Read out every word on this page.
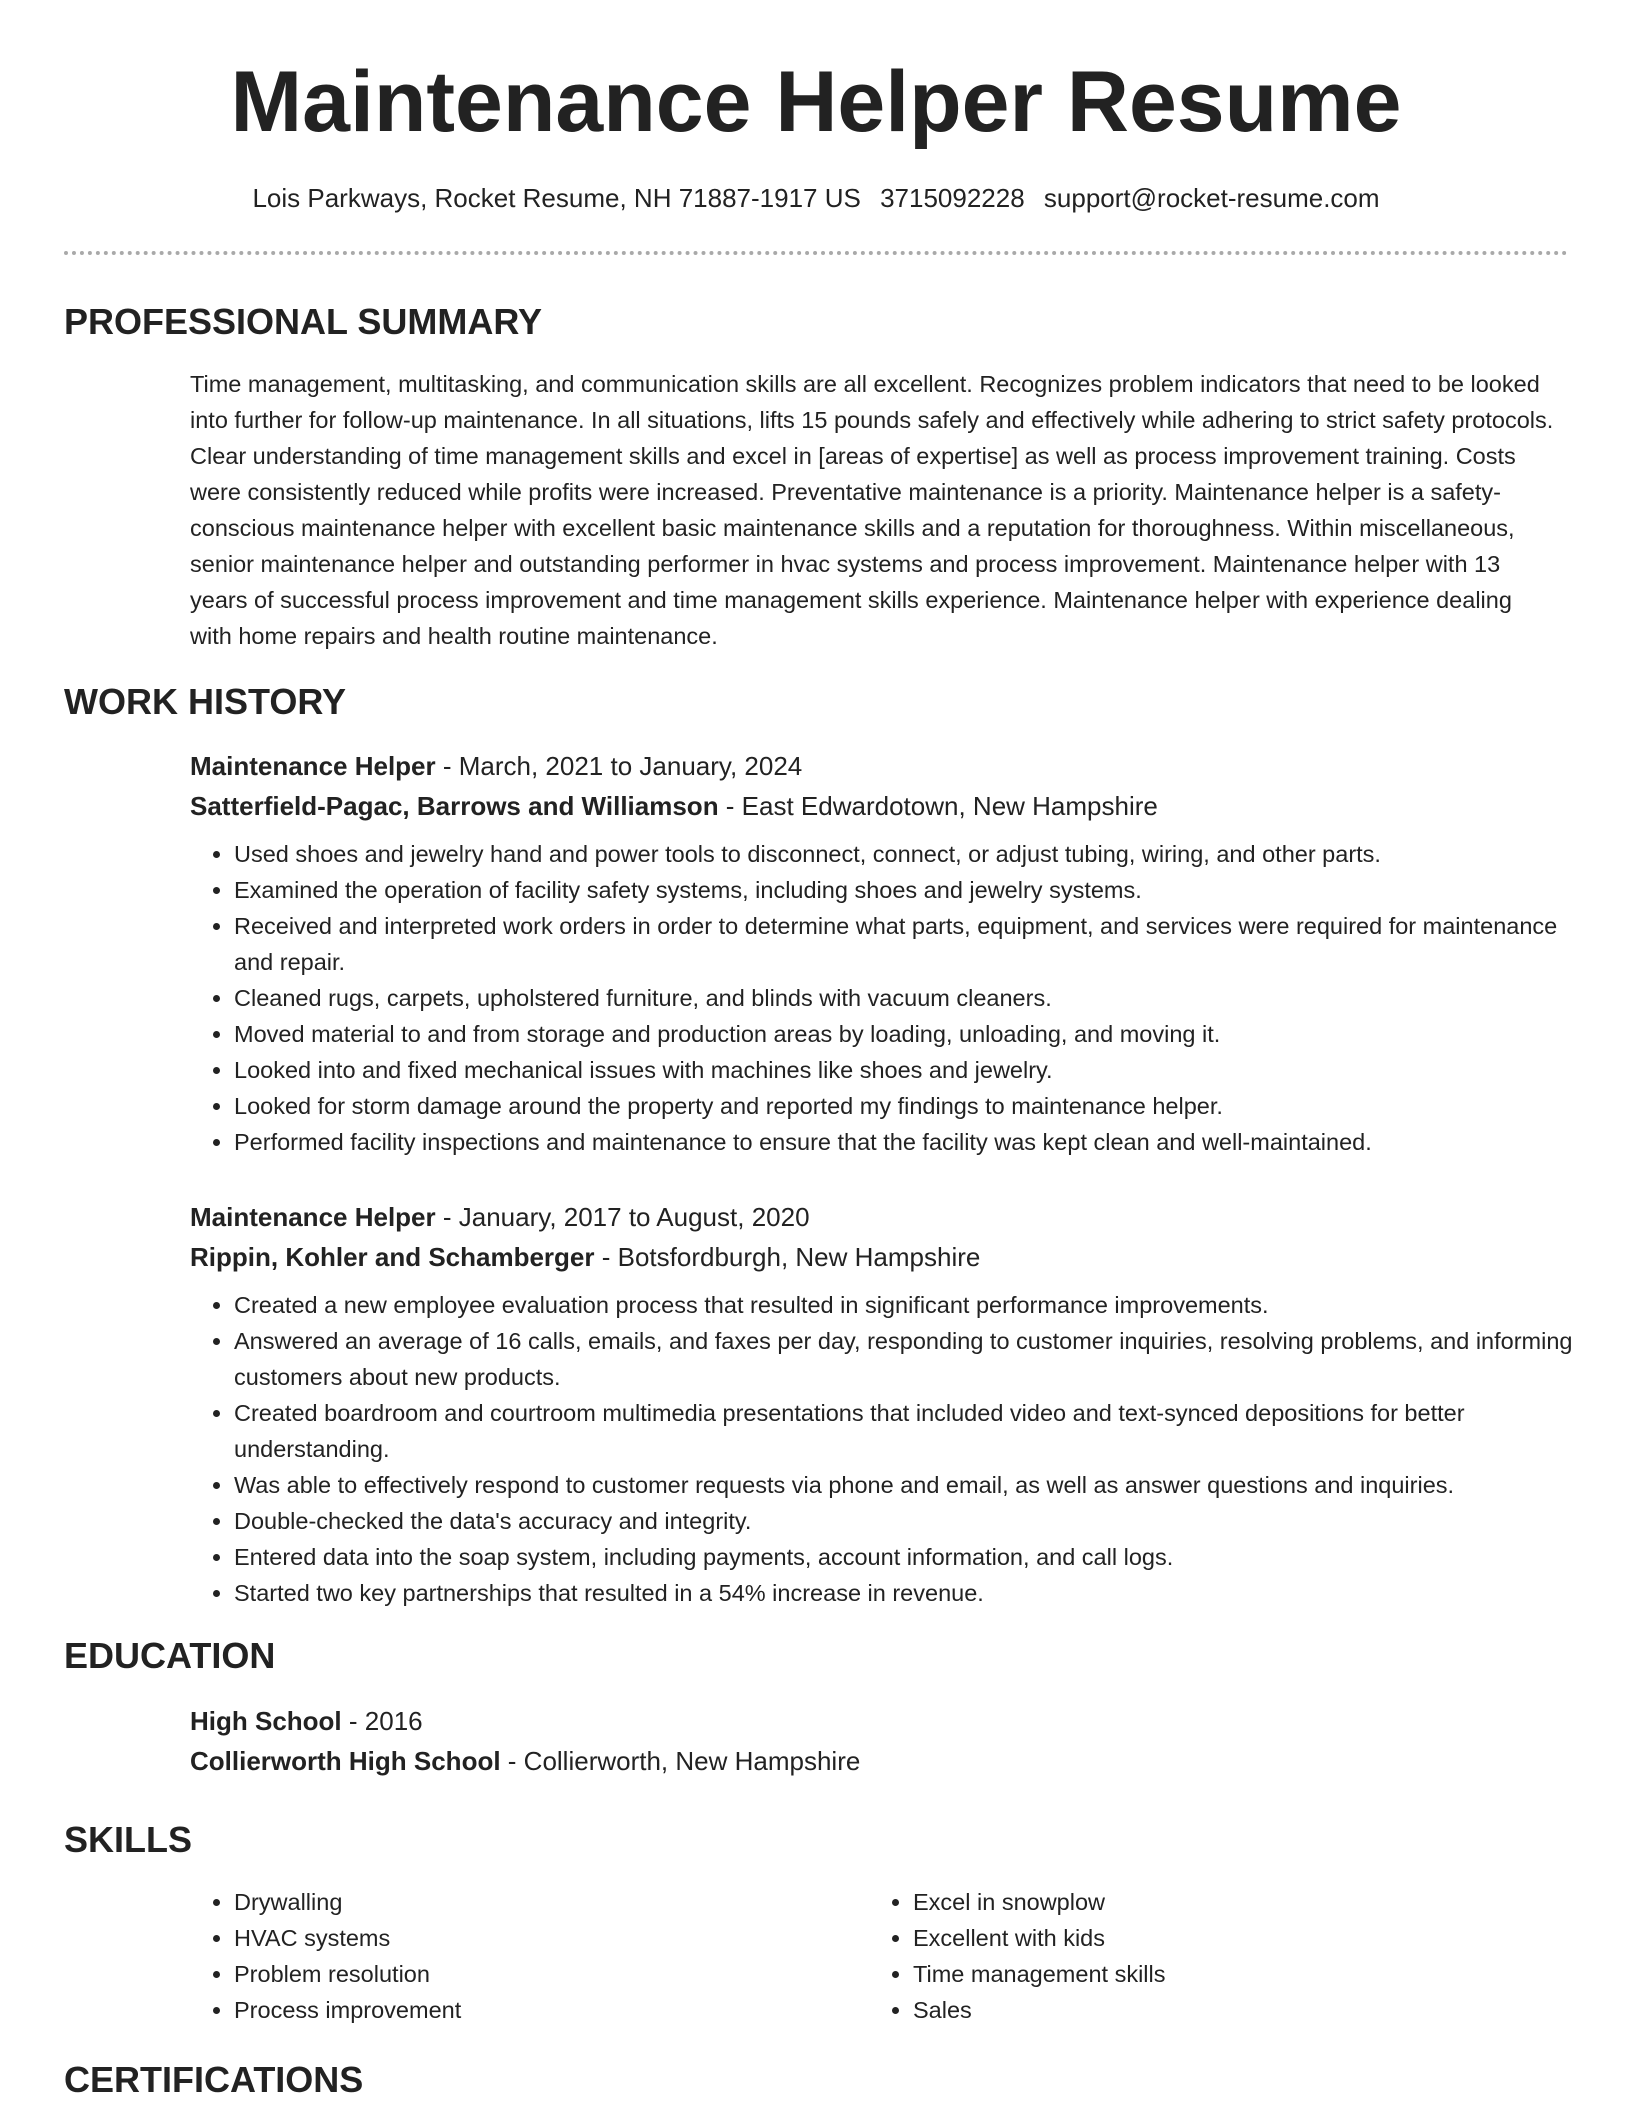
Maintenance Helper Resume
Lois Parkways, Rocket Resume, NH 71887-1917 US 3715092228 support@rocket-resume.com
PROFESSIONAL SUMMARY

Time management, multitasking, and communication skills are all excellent. Recognizes problem indicators that need to be looked into further for follow-up maintenance. In all situations, lifts 15 pounds safely and effectively while adhering to strict safety protocols. Clear understanding of time management skills and excel in [areas of expertise] as well as process improvement training. Costs were consistently reduced while profits were increased. Preventative maintenance is a priority. Maintenance helper is a safety-conscious maintenance helper with excellent basic maintenance skills and a reputation for thoroughness. Within miscellaneous, senior maintenance helper and outstanding performer in hvac systems and process improvement. Maintenance helper with 13 years of successful process improvement and time management skills experience. Maintenance helper with experience dealing with home repairs and health routine maintenance.

WORK HISTORY
Maintenance Helper - March, 2021 to January, 2024
Satterfield-Pagac, Barrows and Williamson - East Edwardotown, New Hampshire
• Used shoes and jewelry hand and power tools to disconnect, connect, or adjust tubing, wiring, and other parts.
• Examined the operation of facility safety systems, including shoes and jewelry systems.
• Received and interpreted work orders in order to determine what parts, equipment, and services were required for maintenance and repair.
• Cleaned rugs, carpets, upholstered furniture, and blinds with vacuum cleaners.
• Moved material to and from storage and production areas by loading, unloading, and moving it.
• Looked into and fixed mechanical issues with machines like shoes and jewelry.
• Looked for storm damage around the property and reported my findings to maintenance helper.
• Performed facility inspections and maintenance to ensure that the facility was kept clean and well-maintained.
Maintenance Helper - January, 2017 to August, 2020
Rippin, Kohler and Schamberger - Botsfordburgh, New Hampshire
• Created a new employee evaluation process that resulted in significant performance improvements.
• Answered an average of 16 calls, emails, and faxes per day, responding to customer inquiries, resolving problems, and informing customers about new products.
• Created boardroom and courtroom multimedia presentations that included video and text-synced depositions for better understanding.
• Was able to effectively respond to customer requests via phone and email, as well as answer questions and inquiries.
• Double-checked the data's accuracy and integrity.
• Entered data into the soap system, including payments, account information, and call logs.
• Started two key partnerships that resulted in a 54% increase in revenue.
EDUCATION
High School - 2016
Collierworth High School - Collierworth, New Hampshire
SKILLS
• Drywalling
• HVAC systems
• Problem resolution
• Process improvement
• Excel in snowplow
• Excellent with kids
• Time management skills
• Sales
CERTIFICATIONS
